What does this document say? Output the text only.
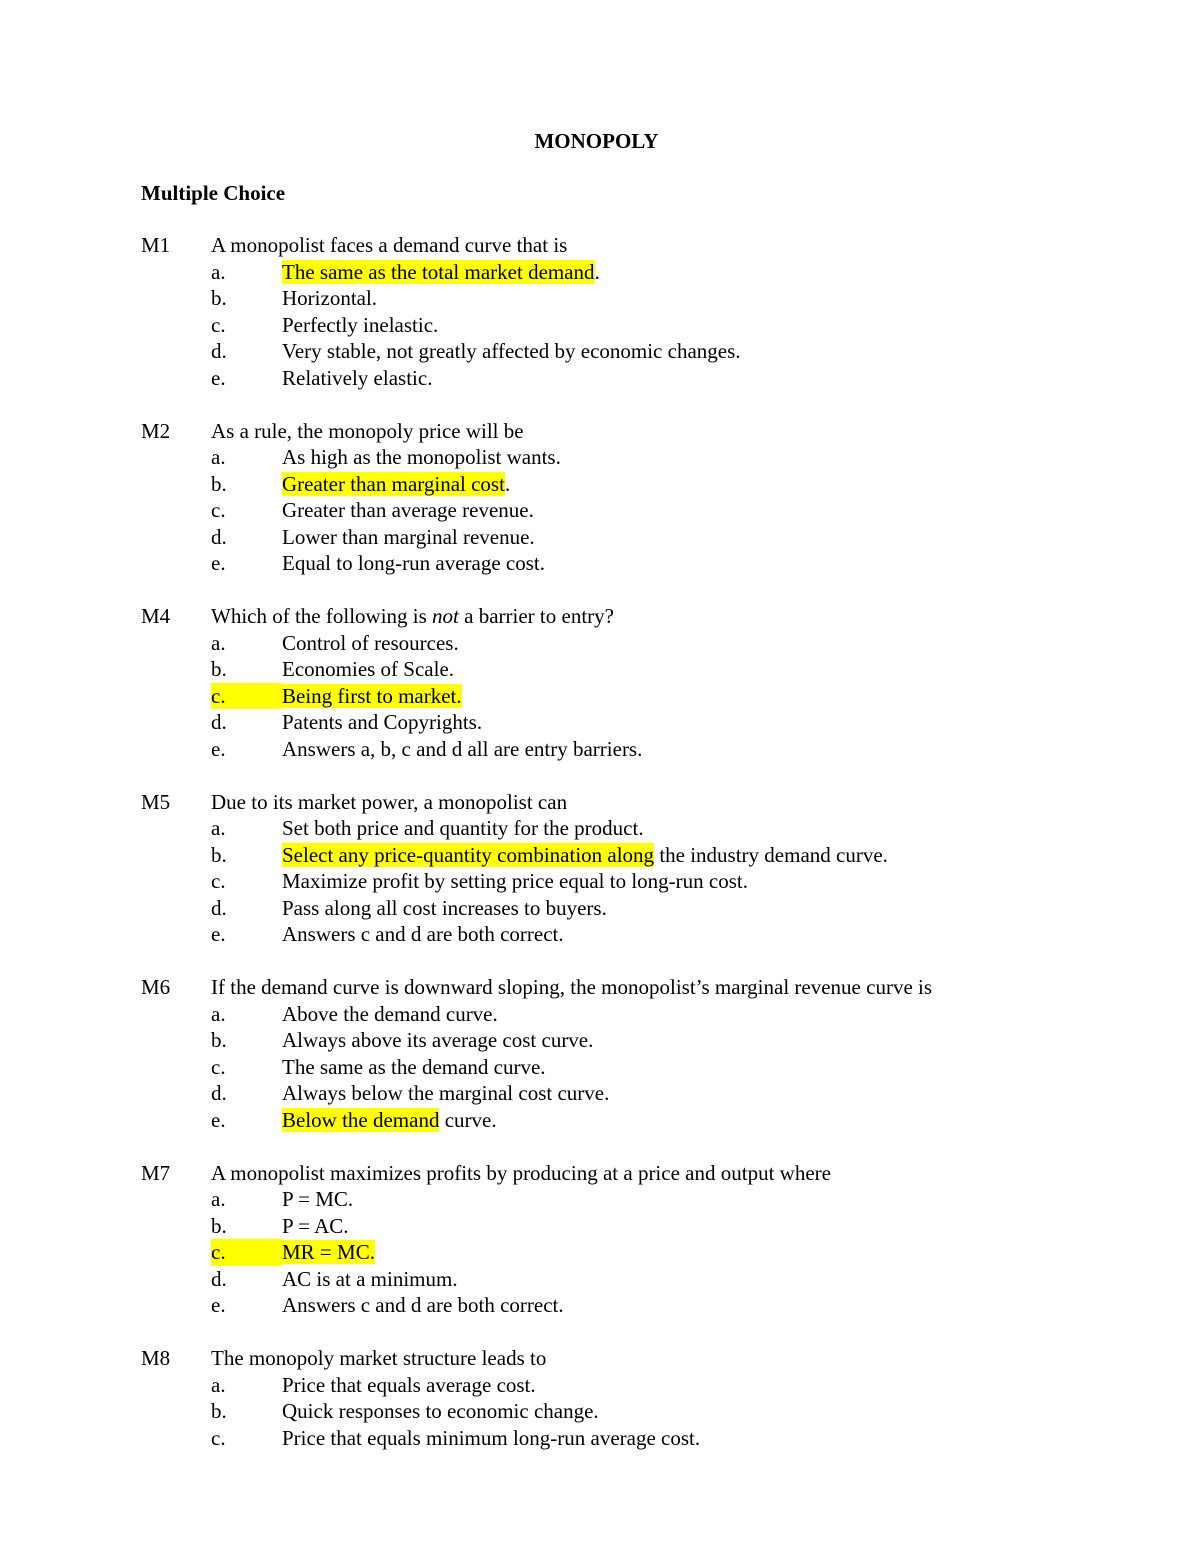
MONOPOLY
Multiple Choice
M1 A monopolist faces a demand curve that is
a.	The same as the total market demand.
b.	Horizontal.
c.	Perfectly inelastic.
d.	Very stable, not greatly affected by economic changes.
e.	Relatively elastic.
M2 As a rule, the monopoly price will be
a.	As high as the monopolist wants.
b.	Greater than marginal cost.
c.	Greater than average revenue.
d.	Lower than marginal revenue.
e.	Equal to long-run average cost.
M4 Which of the following is not a barrier to entry?
a.	Control of resources.
b.	Economies of Scale.
c.	Being first to market.
d.	Patents and Copyrights.
e.	Answers a, b, c and d all are entry barriers.
M5 Due to its market power, a monopolist can
a.	Set both price and quantity for the product.
b.	Select any price-quantity combination along the industry demand curve.
c.	Maximize profit by setting price equal to long-run cost.
d.	Pass along all cost increases to buyers.
e.	Answers c and d are both correct.
M6 If the demand curve is downward sloping, the monopolist’s marginal revenue curve is
a.	Above the demand curve.
b.	Always above its average cost curve.
c.	The same as the demand curve.
d.	Always below the marginal cost curve.
e.	Below the demand curve.
M7 A monopolist maximizes profits by producing at a price and output where
a.	P = MC.
b.	P = AC.
c.	MR = MC.
d.	AC is at a minimum.
e.	Answers c and d are both correct.
M8 The monopoly market structure leads to
a.	Price that equals average cost.
b.	Quick responses to economic change.
c.	Price that equals minimum long-run average cost.
